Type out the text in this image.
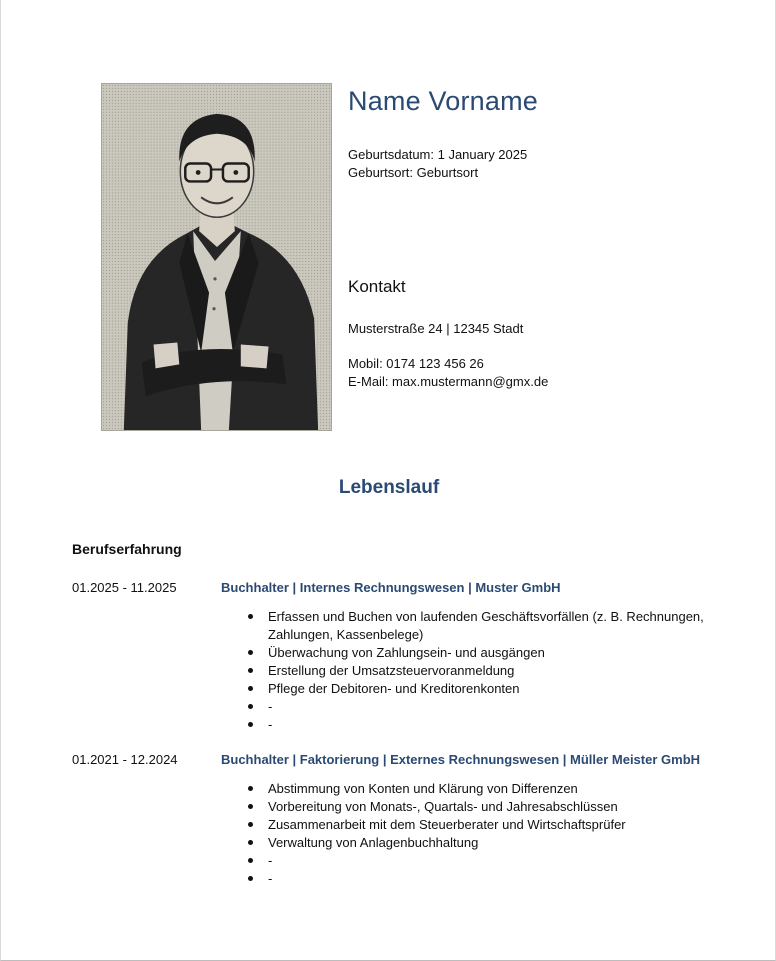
Name Vorname
Geburtsdatum: 1 January 2025
Geburtsort: Geburtsort
Kontakt
Musterstraße 24 | 12345 Stadt
Mobil: 0174 123 456 26
E-Mail: max.mustermann@gmx.de
Lebenslauf
Berufserfahrung
01.2025 - 11.2025	Buchhalter | Internes Rechnungswesen | Muster GmbH
Erfassen und Buchen von laufenden Geschäftsvorfällen (z. B. Rechnungen, Zahlungen, Kassenbelege)
Überwachung von Zahlungsein- und ausgängen
Erstellung der Umsatzsteuervoranmeldung
Pflege der Debitoren- und Kreditorenkonten
-
-
01.2021 - 12.2024	Buchhalter | Faktorierung | Externes Rechnungswesen | Müller Meister GmbH
Abstimmung von Konten und Klärung von Differenzen
Vorbereitung von Monats-, Quartals- und Jahresabschlüssen
Zusammenarbeit mit dem Steuerberater und Wirtschaftsprüfer
Verwaltung von Anlagenbuchhaltung
-
-
